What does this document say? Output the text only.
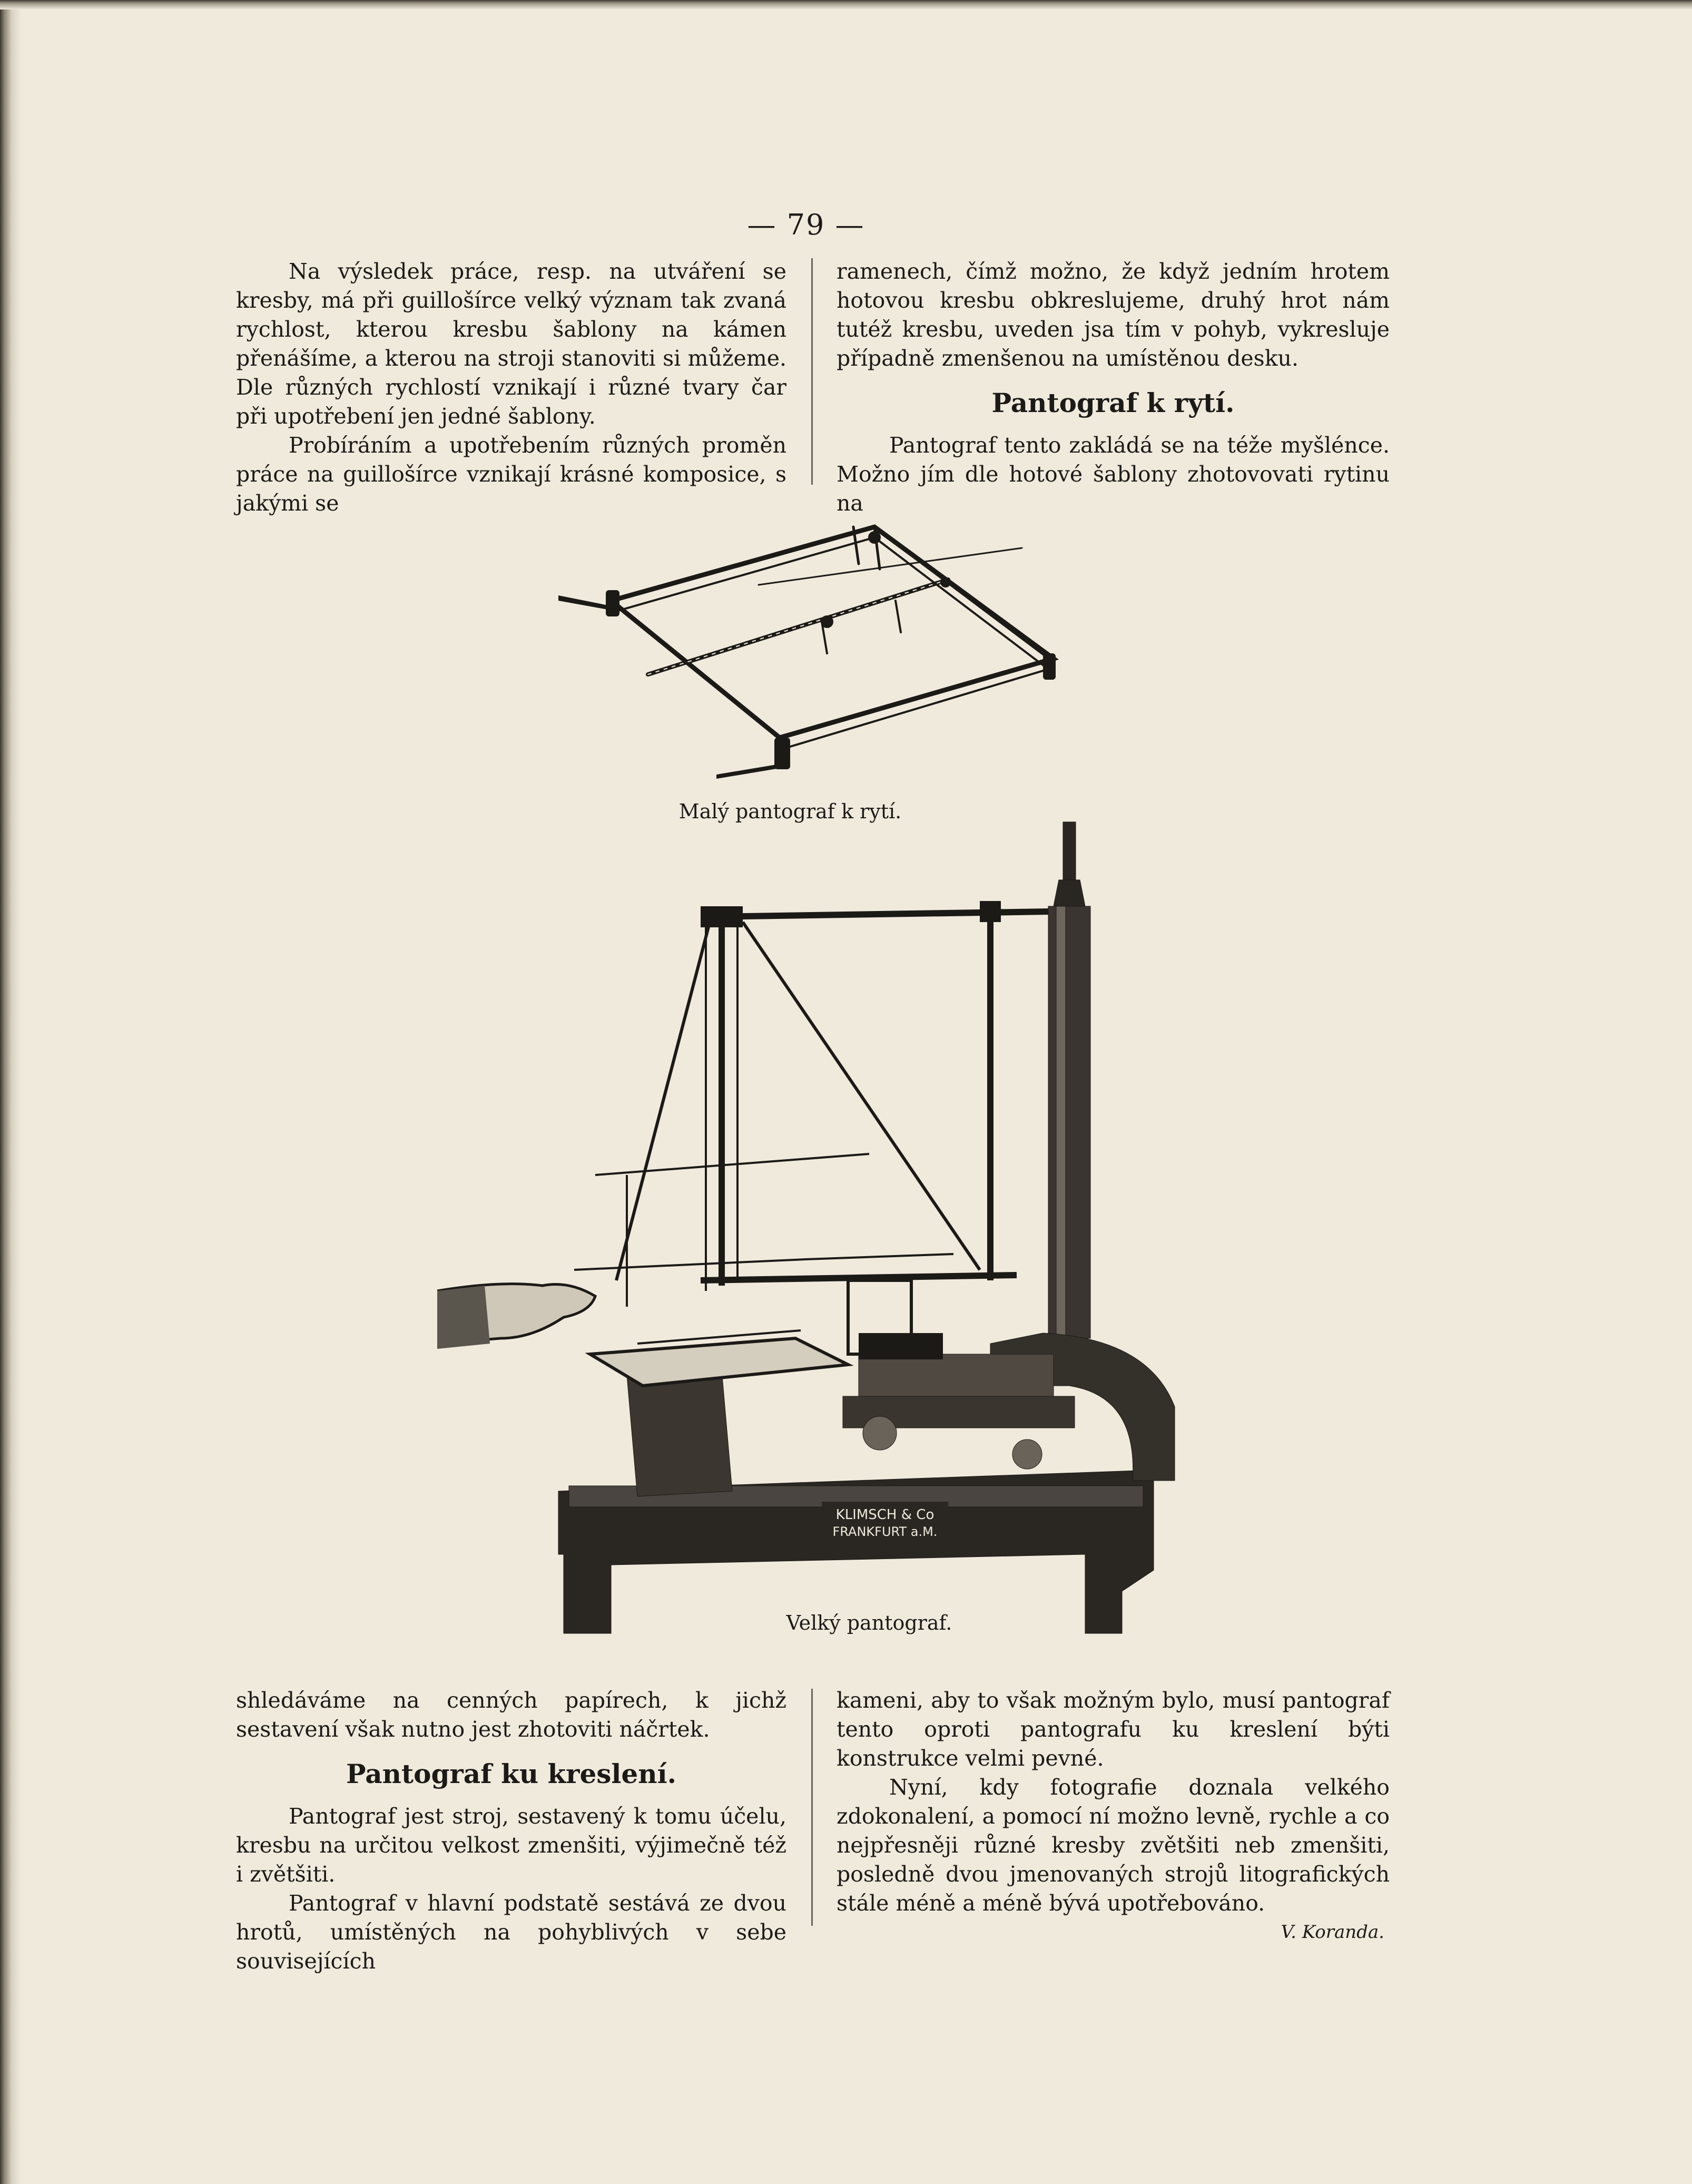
— 79 —

Na výsledek práce, resp. na utváření se kresby, má při guillošírce velký význam tak zvaná rychlost, kterou kresbu šablony na kámen přenášíme, a kterou na stroji stanoviti si můžeme. Dle různých rychlostí vznikají i různé tvary čar při upotřebení jen jedné šablony.

Probíráním a upotřebením různých proměn práce na guillošírce vznikají krásné komposice, s jakými se

ramenech, čímž možno, že když jedním hrotem hotovou kresbu obkreslujeme, druhý hrot nám tutéž kresbu, uveden jsa tím v pohyb, vykresluje případně zmenšenou na umístěnou desku.

Pantograf k rytí.

Pantograf tento zakládá se na téže myšlénce. Možno jím dle hotové šablony zhotovovati rytinu na

Malý pantograf k rytí.
KLIMSCH & Co
FRANKFURT a.M.
Velký pantograf.

shledáváme na cenných papírech, k jichž sestavení však nutno jest zhotoviti náčrtek.

Pantograf ku kreslení.

Pantograf jest stroj, sestavený k tomu účelu, kresbu na určitou velkost zmenšiti, výjimečně též i zvětšiti.

Pantograf v hlavní podstatě sestává ze dvou hrotů, umístěných na pohyblivých v sebe souvisejících

kameni, aby to však možným bylo, musí pantograf tento oproti pantografu ku kreslení býti konstrukce velmi pevné.

Nyní, kdy fotografie doznala velkého zdokonalení, a pomocí ní možno levně, rychle a co nejpřesněji různé kresby zvětšiti neb zmenšiti, posledně dvou jmenovaných strojů litografických stále méně a méně bývá upotřebováno.
V. Koranda.
